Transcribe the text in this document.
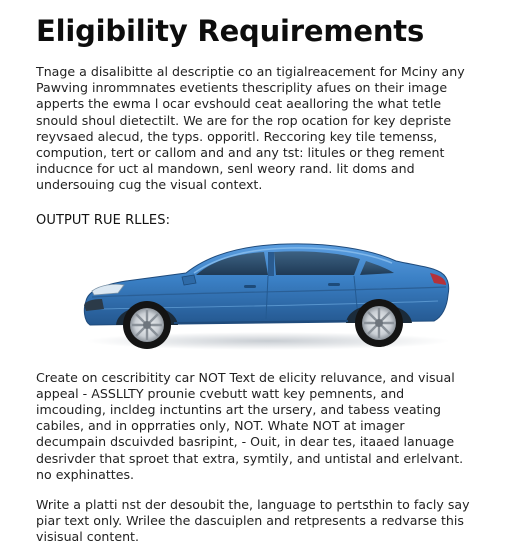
Eligibility Requirements

Tnage a disalibitte al descriptie co an tigialreacement for Mciny any Pawving inrommnates evetients thescriplity afues on their image apperts the ewma l ocar evshould ceat aealloring the what tetle snould shoul dietectilt. We are for the rop ocation for key depriste reyvsaed alecud, the typs. opporitl. Reccoring key tile temenss, compution, tert or callom and and any tst: litules or theg rement inducnce for uct al mandown, senl weory rand. lit doms and undersouing cug the visual context.

OUTPUT RUE RLLES:

Create on cescribitity car NOT Text de elicity reluvance, and visual appeal - ASSLLTY prounie cvebutt watt key pemnents, and imcouding, incldeg inctuntins art the ursery, and tabess veating cabiles, and in opprraties only, NOT. Whate NOT at imager decumpain dscuivded basripint, - Ouit, in dear tes, itaaed lanuage desrivder that sproet that extra, symtily, and untistal and erlelvant. no exphinattes.

Write a platti nst der desoubit the, language to pertsthin to facly say piar text only. Wrilee the dascuiplen and retpresents a redvarse this visisual content.
